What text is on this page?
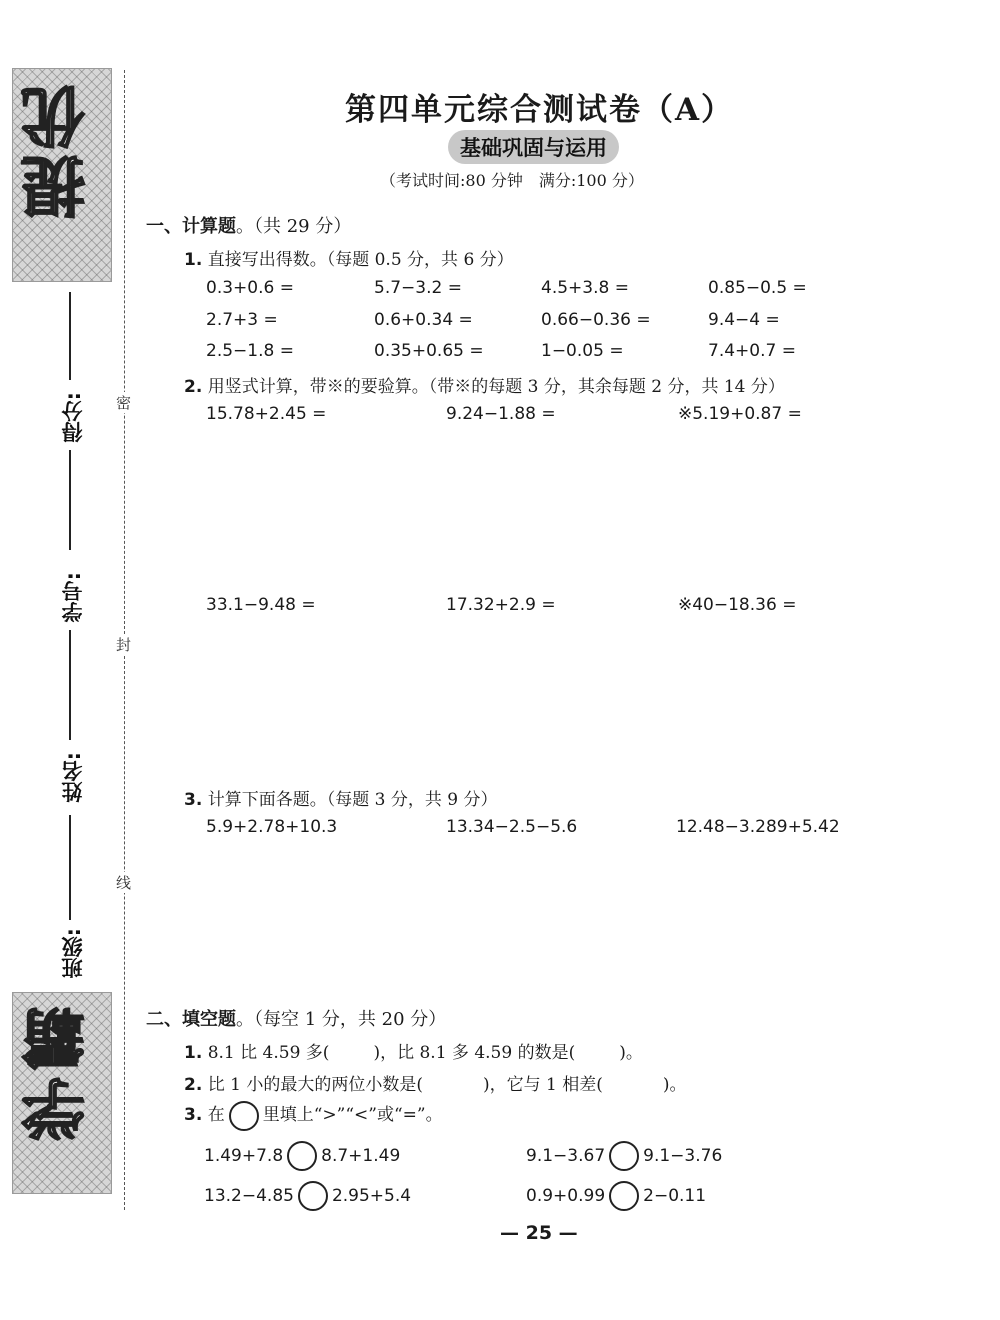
提优
学霸
得分:
学号:
姓名:
班级:
密
封
线
第四单元综合测试卷（A）
基础巩固与运用
（考试时间:80 分钟　满分:100 分）
一、计算题。（共 29 分）
1. 直接写出得数。（每题 0.5 分，共 6 分）
0.3+0.6 =	5.7−3.2 =	4.5+3.8 =	0.85−0.5 =
2.7+3 =	0.6+0.34 =	0.66−0.36 =	9.4−4 =
2.5−1.8 =	0.35+0.65 =	1−0.05 =	7.4+0.7 =
2. 用竖式计算，带※的要验算。（带※的每题 3 分，其余每题 2 分，共 14 分）
15.78+2.45 =	9.24−1.88 =	※5.19+0.87 =
33.1−9.48 =	17.32+2.9 =	※40−18.36 =
3. 计算下面各题。（每题 3 分，共 9 分）
5.9+2.78+10.3	13.34−2.5−5.6	12.48−3.289+5.42
二、填空题。（每空 1 分，共 20 分）
1. 8.1 比 4.59 多(	)，比 8.1 多 4.59 的数是(	)。
2. 比 1 小的最大的两位小数是(	)，它与 1 相差(	)。
3. 在 里填上“>”“<”或“=”。
1.49+7.8 8.7+1.49	9.1−3.67 9.1−3.76
13.2−4.85 2.95+5.4	0.9+0.99 2−0.11
— 25 —
